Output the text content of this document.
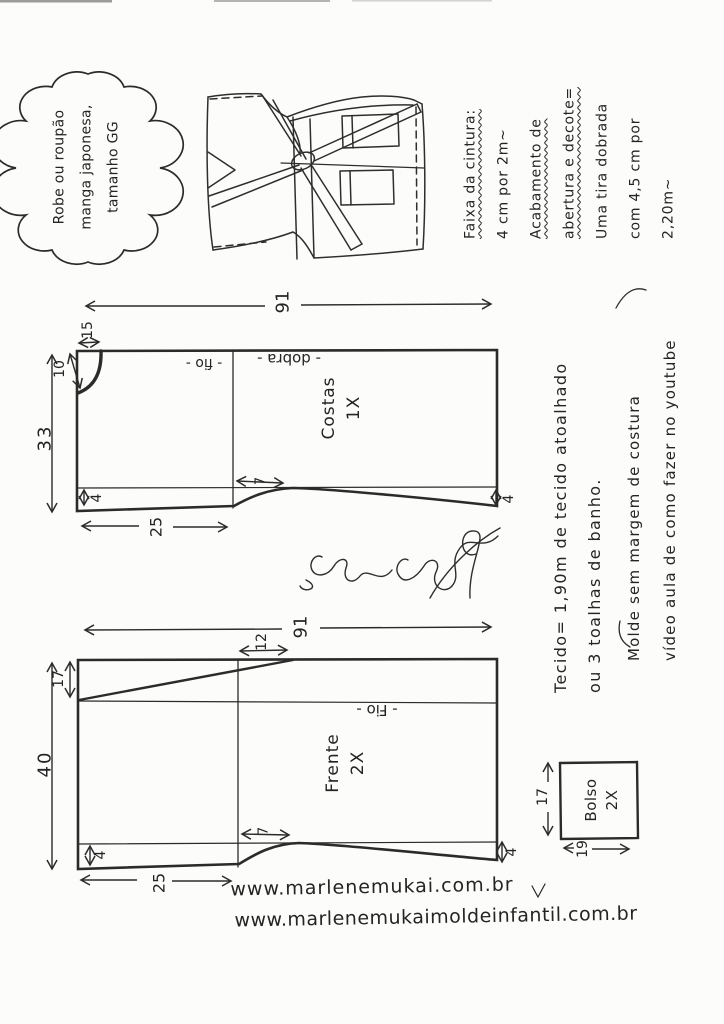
Robe ou roupão manga japonesa, tamanho GG	Faixa da cintura:	4 cm por 2m~	Acabamento de	abertura e decote=	Uma tira dobrada	com 4,5 cm por	2,20m~
Tecido= 1,90m de tecido atoalhado ou 3 toalhas de banho.	Molde sem margem de costura	vídeo aula de como fazer no youtube
91
15
10
33
4
25
7
4
- fio - - dobra -
Costas 1X
91
17
12
40
4
25
7
4
- Fio -
Frente 2X
17
19
Bolso 2X
www.marlenemukai.com.br
www.marlenemukaimoldeinfantil.com.br
